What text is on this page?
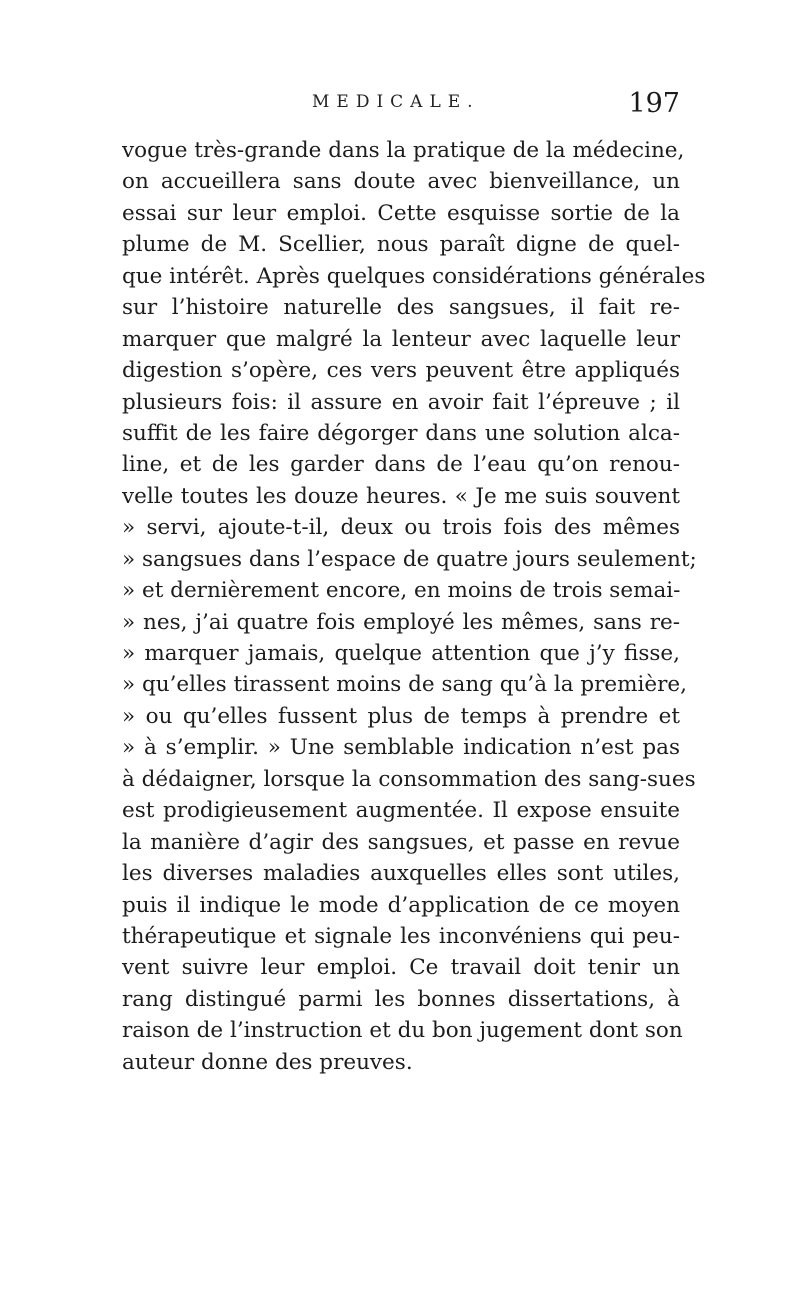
MEDICALE.	197
vogue très-grande dans la pratique de la médecine,
on accueillera sans doute avec bienveillance, un
essai sur leur emploi. Cette esquisse sortie de la
plume de M. Scellier, nous paraît digne de quel-
que intérêt. Après quelques considérations générales
sur l’histoire naturelle des sangsues, il fait re-
marquer que malgré la lenteur avec laquelle leur
digestion s’opère, ces vers peuvent être appliqués
plusieurs fois: il assure en avoir fait l’épreuve ; il
suffit de les faire dégorger dans une solution alca-
line, et de les garder dans de l’eau qu’on renou-
velle toutes les douze heures. « Je me suis souvent
» servi, ajoute-t-il, deux ou trois fois des mêmes
» sangsues dans l’espace de quatre jours seulement;
» et dernièrement encore, en moins de trois semai-
» nes, j’ai quatre fois employé les mêmes, sans re-
» marquer jamais, quelque attention que j’y fisse,
» qu’elles tirassent moins de sang qu’à la première,
» ou qu’elles fussent plus de temps à prendre et
» à s’emplir. » Une semblable indication n’est pas
à dédaigner, lorsque la consommation des sang-sues
est prodigieusement augmentée. Il expose ensuite
la manière d’agir des sangsues, et passe en revue
les diverses maladies auxquelles elles sont utiles,
puis il indique le mode d’application de ce moyen
thérapeutique et signale les inconvéniens qui peu-
vent suivre leur emploi. Ce travail doit tenir un
rang distingué parmi les bonnes dissertations, à
raison de l’instruction et du bon jugement dont son
auteur donne des preuves.
